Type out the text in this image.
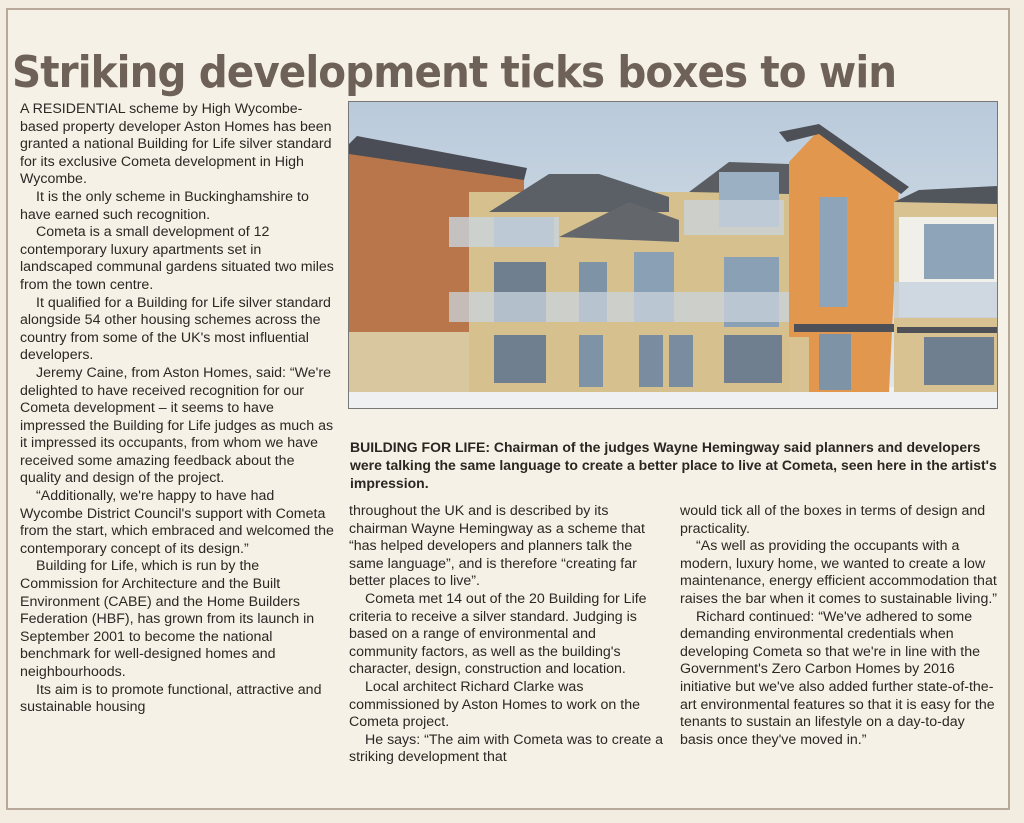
Striking development ticks boxes to win

A RESIDENTIAL scheme by High Wycombe-based property developer Aston Homes has been granted a national Building for Life silver standard for its exclusive Cometa development in High Wycombe.

It is the only scheme in Buckinghamshire to have earned such recognition.

Cometa is a small development of 12 contemporary luxury apartments set in landscaped communal gardens situated two miles from the town centre.

It qualified for a Building for Life silver standard alongside 54 other housing schemes across the country from some of the UK's most influential developers.

Jeremy Caine, from Aston Homes, said: “We're delighted to have received recognition for our Cometa development – it seems to have impressed the Building for Life judges as much as it impressed its occupants, from whom we have received some amazing feedback about the quality and design of the project.

“Additionally, we're happy to have had Wycombe District Council's support with Cometa from the start, which embraced and welcomed the contemporary concept of its design.”

Building for Life, which is run by the Commission for Architecture and the Built Environment (CABE) and the Home Builders Federation (HBF), has grown from its launch in September 2001 to become the national benchmark for well-designed homes and neighbourhoods.

Its aim is to promote functional, attractive and sustainable housing

BUILDING FOR LIFE: Chairman of the judges Wayne Hemingway said planners and developers were talking the same language to create a better place to live at Cometa, seen here in the artist's impression.

throughout the UK and is described by its chairman Wayne Hemingway as a scheme that “has helped developers and planners talk the same language”, and is therefore “creating far better places to live”.

Cometa met 14 out of the 20 Building for Life criteria to receive a silver standard. Judging is based on a range of environmental and community factors, as well as the building's character, design, construction and location.

Local architect Richard Clarke was commissioned by Aston Homes to work on the Cometa project.

He says: “The aim with Cometa was to create a striking development that

would tick all of the boxes in terms of design and practicality.

“As well as providing the occupants with a modern, luxury home, we wanted to create a low maintenance, energy efficient accommodation that raises the bar when it comes to sustainable living.”

Richard continued: “We've adhered to some demanding environmental credentials when developing Cometa so that we're in line with the Government's Zero Carbon Homes by 2016 initiative but we've also added further state-of-the-art environmental features so that it is easy for the tenants to sustain an lifestyle on a day-to-day basis once they've moved in.”
